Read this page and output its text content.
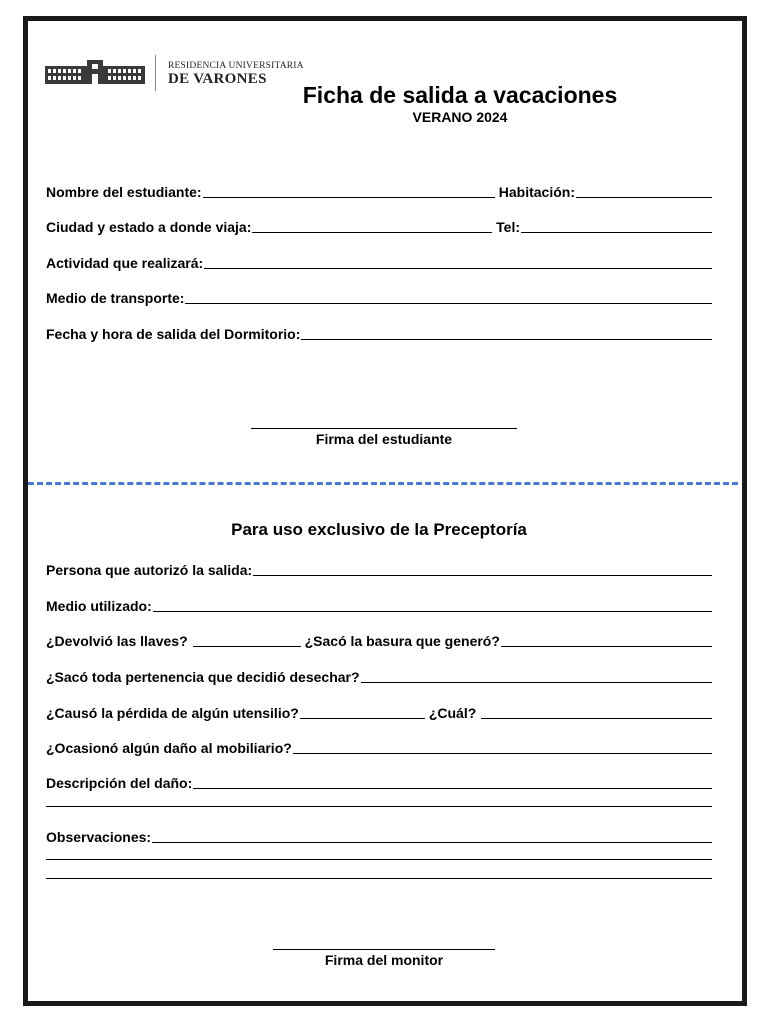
RESIDENCIA UNIVERSITARIA
DE VARONES
Ficha de salida a vacaciones
VERANO 2024
Nombre del estudiante:	Habitación:
Ciudad y estado a donde viaja:	Tel:
Actividad que realizará:
Medio de transporte:
Fecha y hora de salida del Dormitorio:
Firma del estudiante
Para uso exclusivo de la Preceptoría
Persona que autorizó la salida:
Medio utilizado:
¿Devolvió las llaves?	¿Sacó la basura que generó?
¿Sacó toda pertenencia que decidió desechar?
¿Causó la pérdida de algún utensilio?	¿Cuál?
¿Ocasionó algún daño al mobiliario?
Descripción del daño:
Observaciones:
Firma del monitor
